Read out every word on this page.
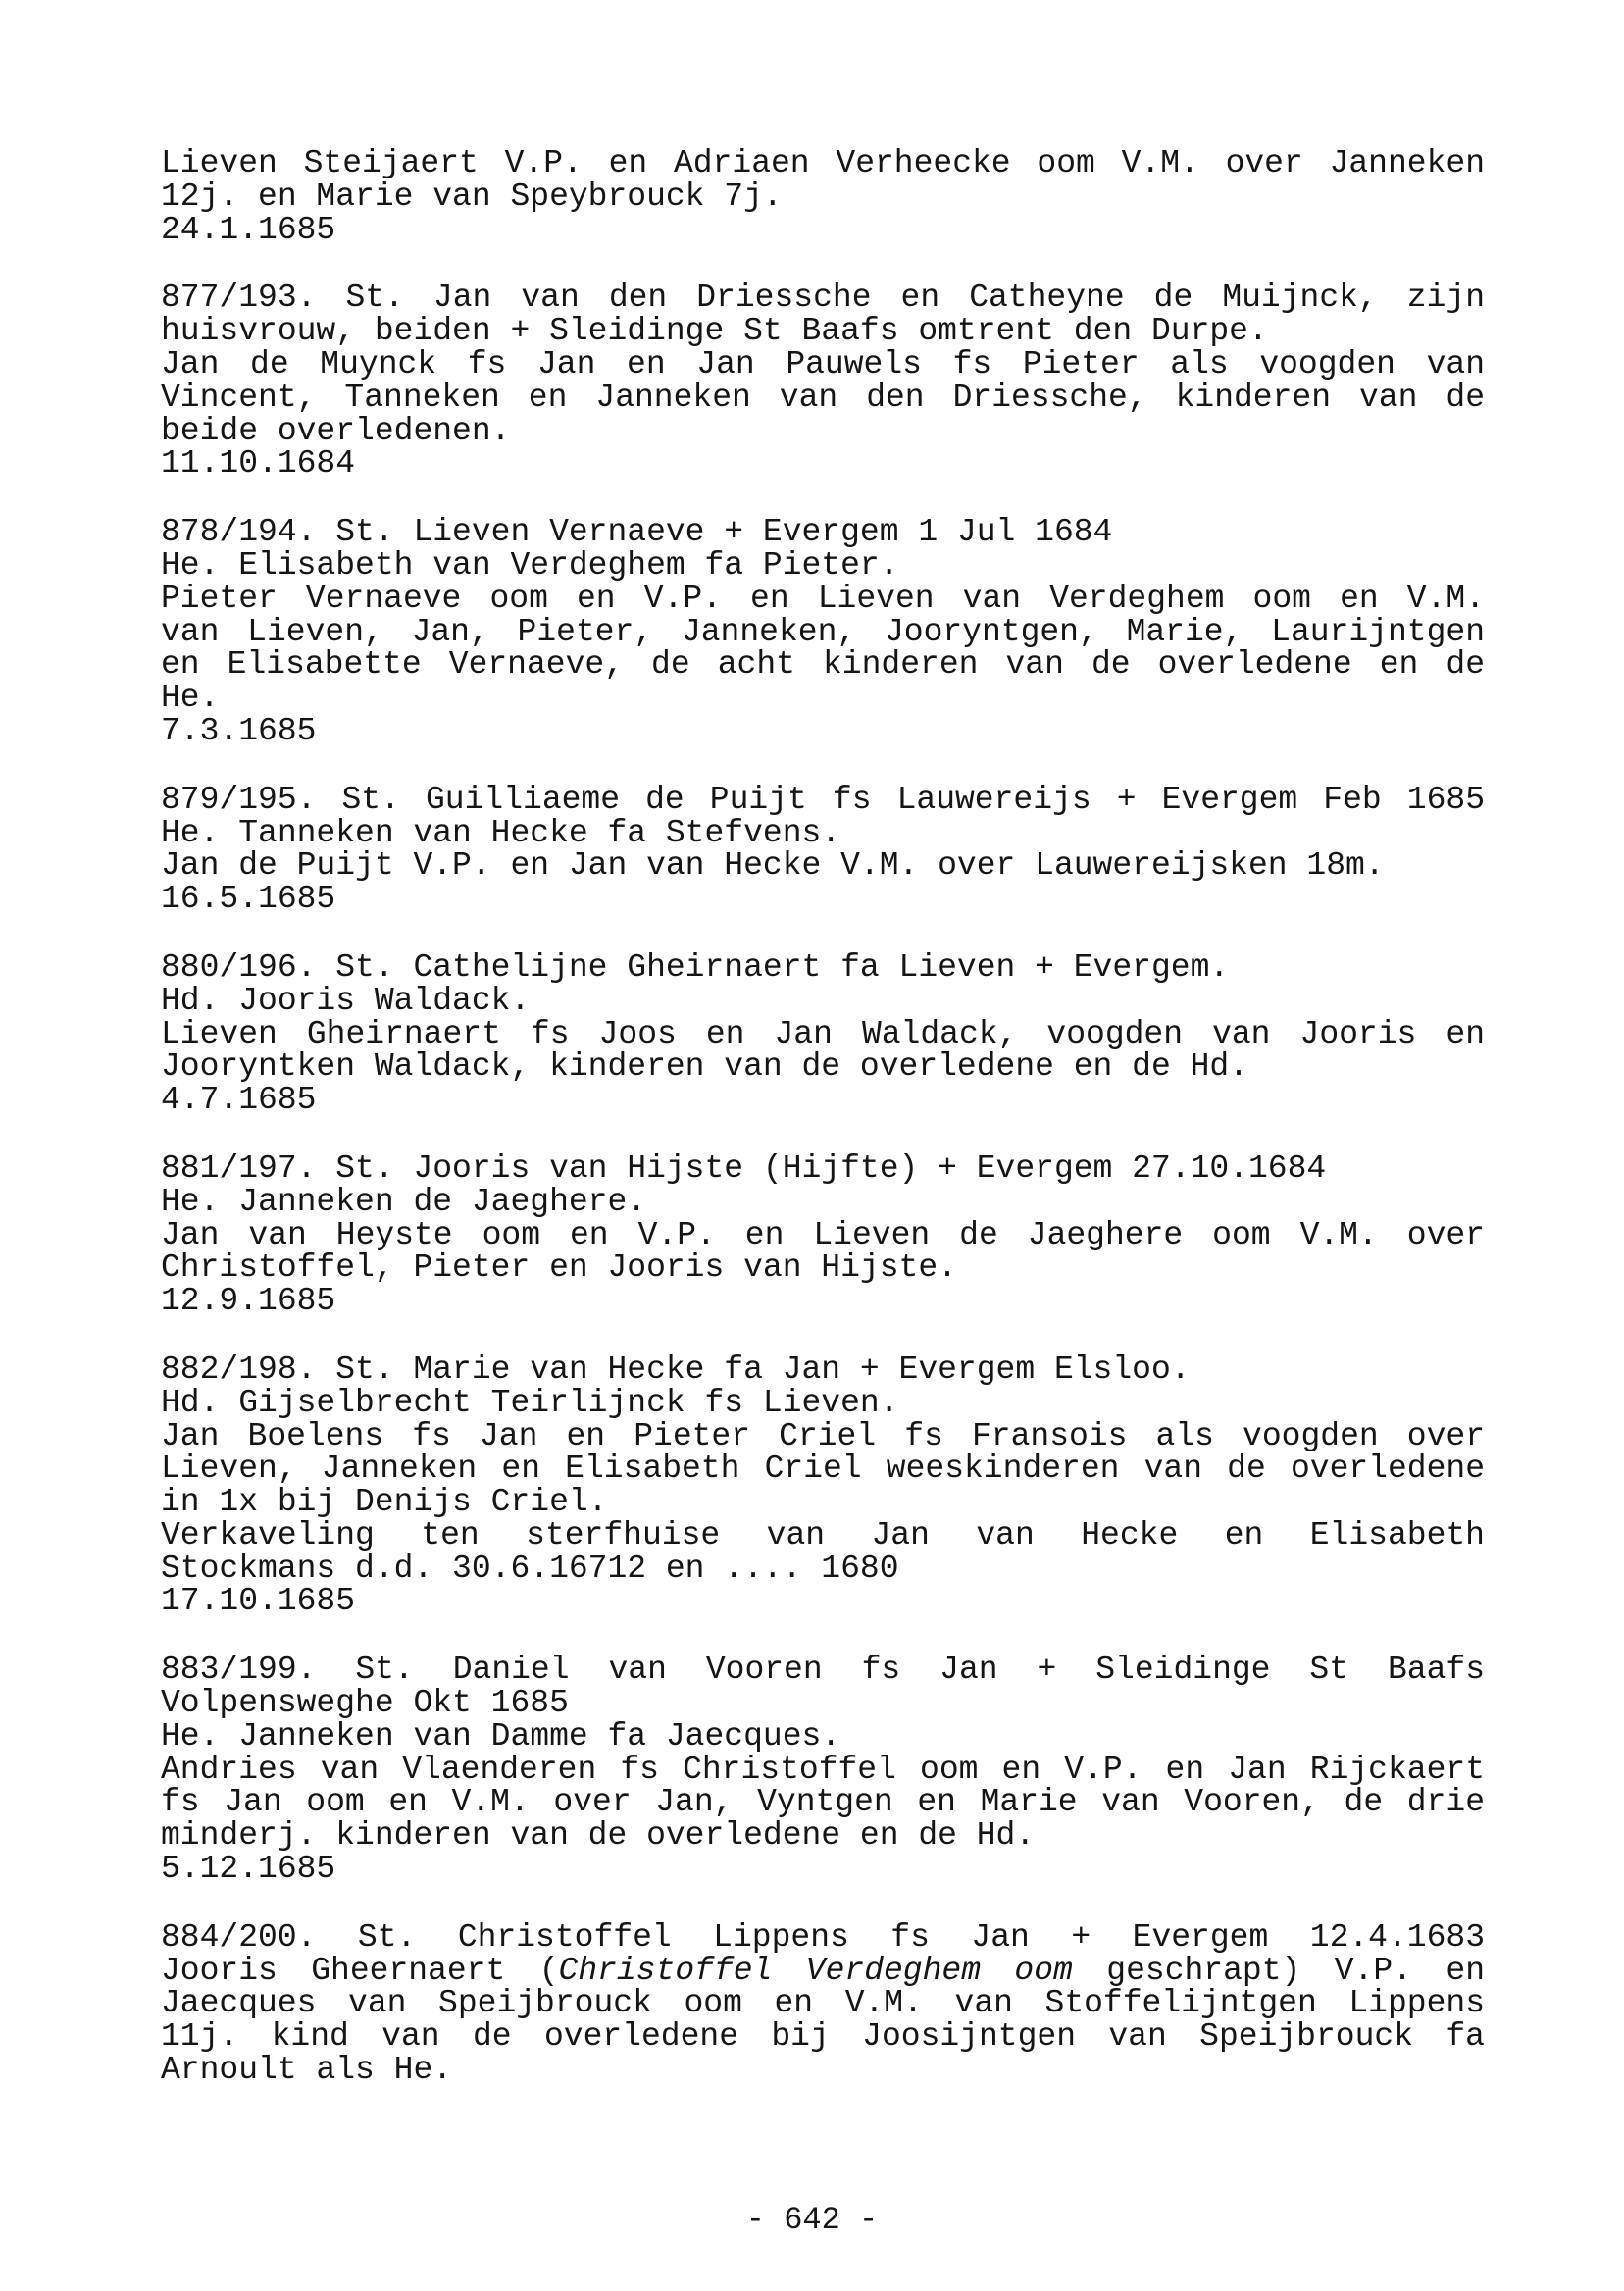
Lieven Steijaert V.P. en Adriaen Verheecke oom V.M. over Janneken
12j. en Marie van Speybrouck 7j.
24.1.1685
877/193. St. Jan van den Driessche en Catheyne de Muijnck, zijn
huisvrouw, beiden + Sleidinge St Baafs omtrent den Durpe.
Jan de Muynck fs Jan en Jan Pauwels fs Pieter als voogden van
Vincent, Tanneken en Janneken van den Driessche, kinderen van de
beide overledenen.
11.10.1684
878/194. St. Lieven Vernaeve + Evergem 1 Jul 1684
He. Elisabeth van Verdeghem fa Pieter.
Pieter Vernaeve oom en V.P. en Lieven van Verdeghem oom en V.M.
van Lieven, Jan, Pieter, Janneken, Jooryntgen, Marie, Laurijntgen
en Elisabette Vernaeve, de acht kinderen van de overledene en de
He.
7.3.1685
879/195. St. Guilliaeme de Puijt fs Lauwereijs + Evergem Feb 1685
He. Tanneken van Hecke fa Stefvens.
Jan de Puijt V.P. en Jan van Hecke V.M. over Lauwereijsken 18m.
16.5.1685
880/196. St. Cathelijne Gheirnaert fa Lieven + Evergem.
Hd. Jooris Waldack.
Lieven Gheirnaert fs Joos en Jan Waldack, voogden van Jooris en
Jooryntken Waldack, kinderen van de overledene en de Hd.
4.7.1685
881/197. St. Jooris van Hijste (Hijfte) + Evergem 27.10.1684
He. Janneken de Jaeghere.
Jan van Heyste oom en V.P. en Lieven de Jaeghere oom V.M. over
Christoffel, Pieter en Jooris van Hijste.
12.9.1685
882/198. St. Marie van Hecke fa Jan + Evergem Elsloo.
Hd. Gijselbrecht Teirlijnck fs Lieven.
Jan Boelens fs Jan en Pieter Criel fs Fransois als voogden over
Lieven, Janneken en Elisabeth Criel weeskinderen van de overledene
in 1x bij Denijs Criel.
Verkaveling ten sterfhuise van Jan van Hecke en Elisabeth
Stockmans d.d. 30.6.16712 en .... 1680
17.10.1685
883/199. St. Daniel van Vooren fs Jan + Sleidinge St Baafs
Volpensweghe Okt 1685
He. Janneken van Damme fa Jaecques.
Andries van Vlaenderen fs Christoffel oom en V.P. en Jan Rijckaert
fs Jan oom en V.M. over Jan, Vyntgen en Marie van Vooren, de drie
minderj. kinderen van de overledene en de Hd.
5.12.1685
884/200. St. Christoffel Lippens fs Jan + Evergem 12.4.1683
Jooris Gheernaert (Christoffel Verdeghem oom geschrapt) V.P. en
Jaecques van Speijbrouck oom en V.M. van Stoffelijntgen Lippens
11j. kind van de overledene bij Joosijntgen van Speijbrouck fa
Arnoult als He.
- 642 -
